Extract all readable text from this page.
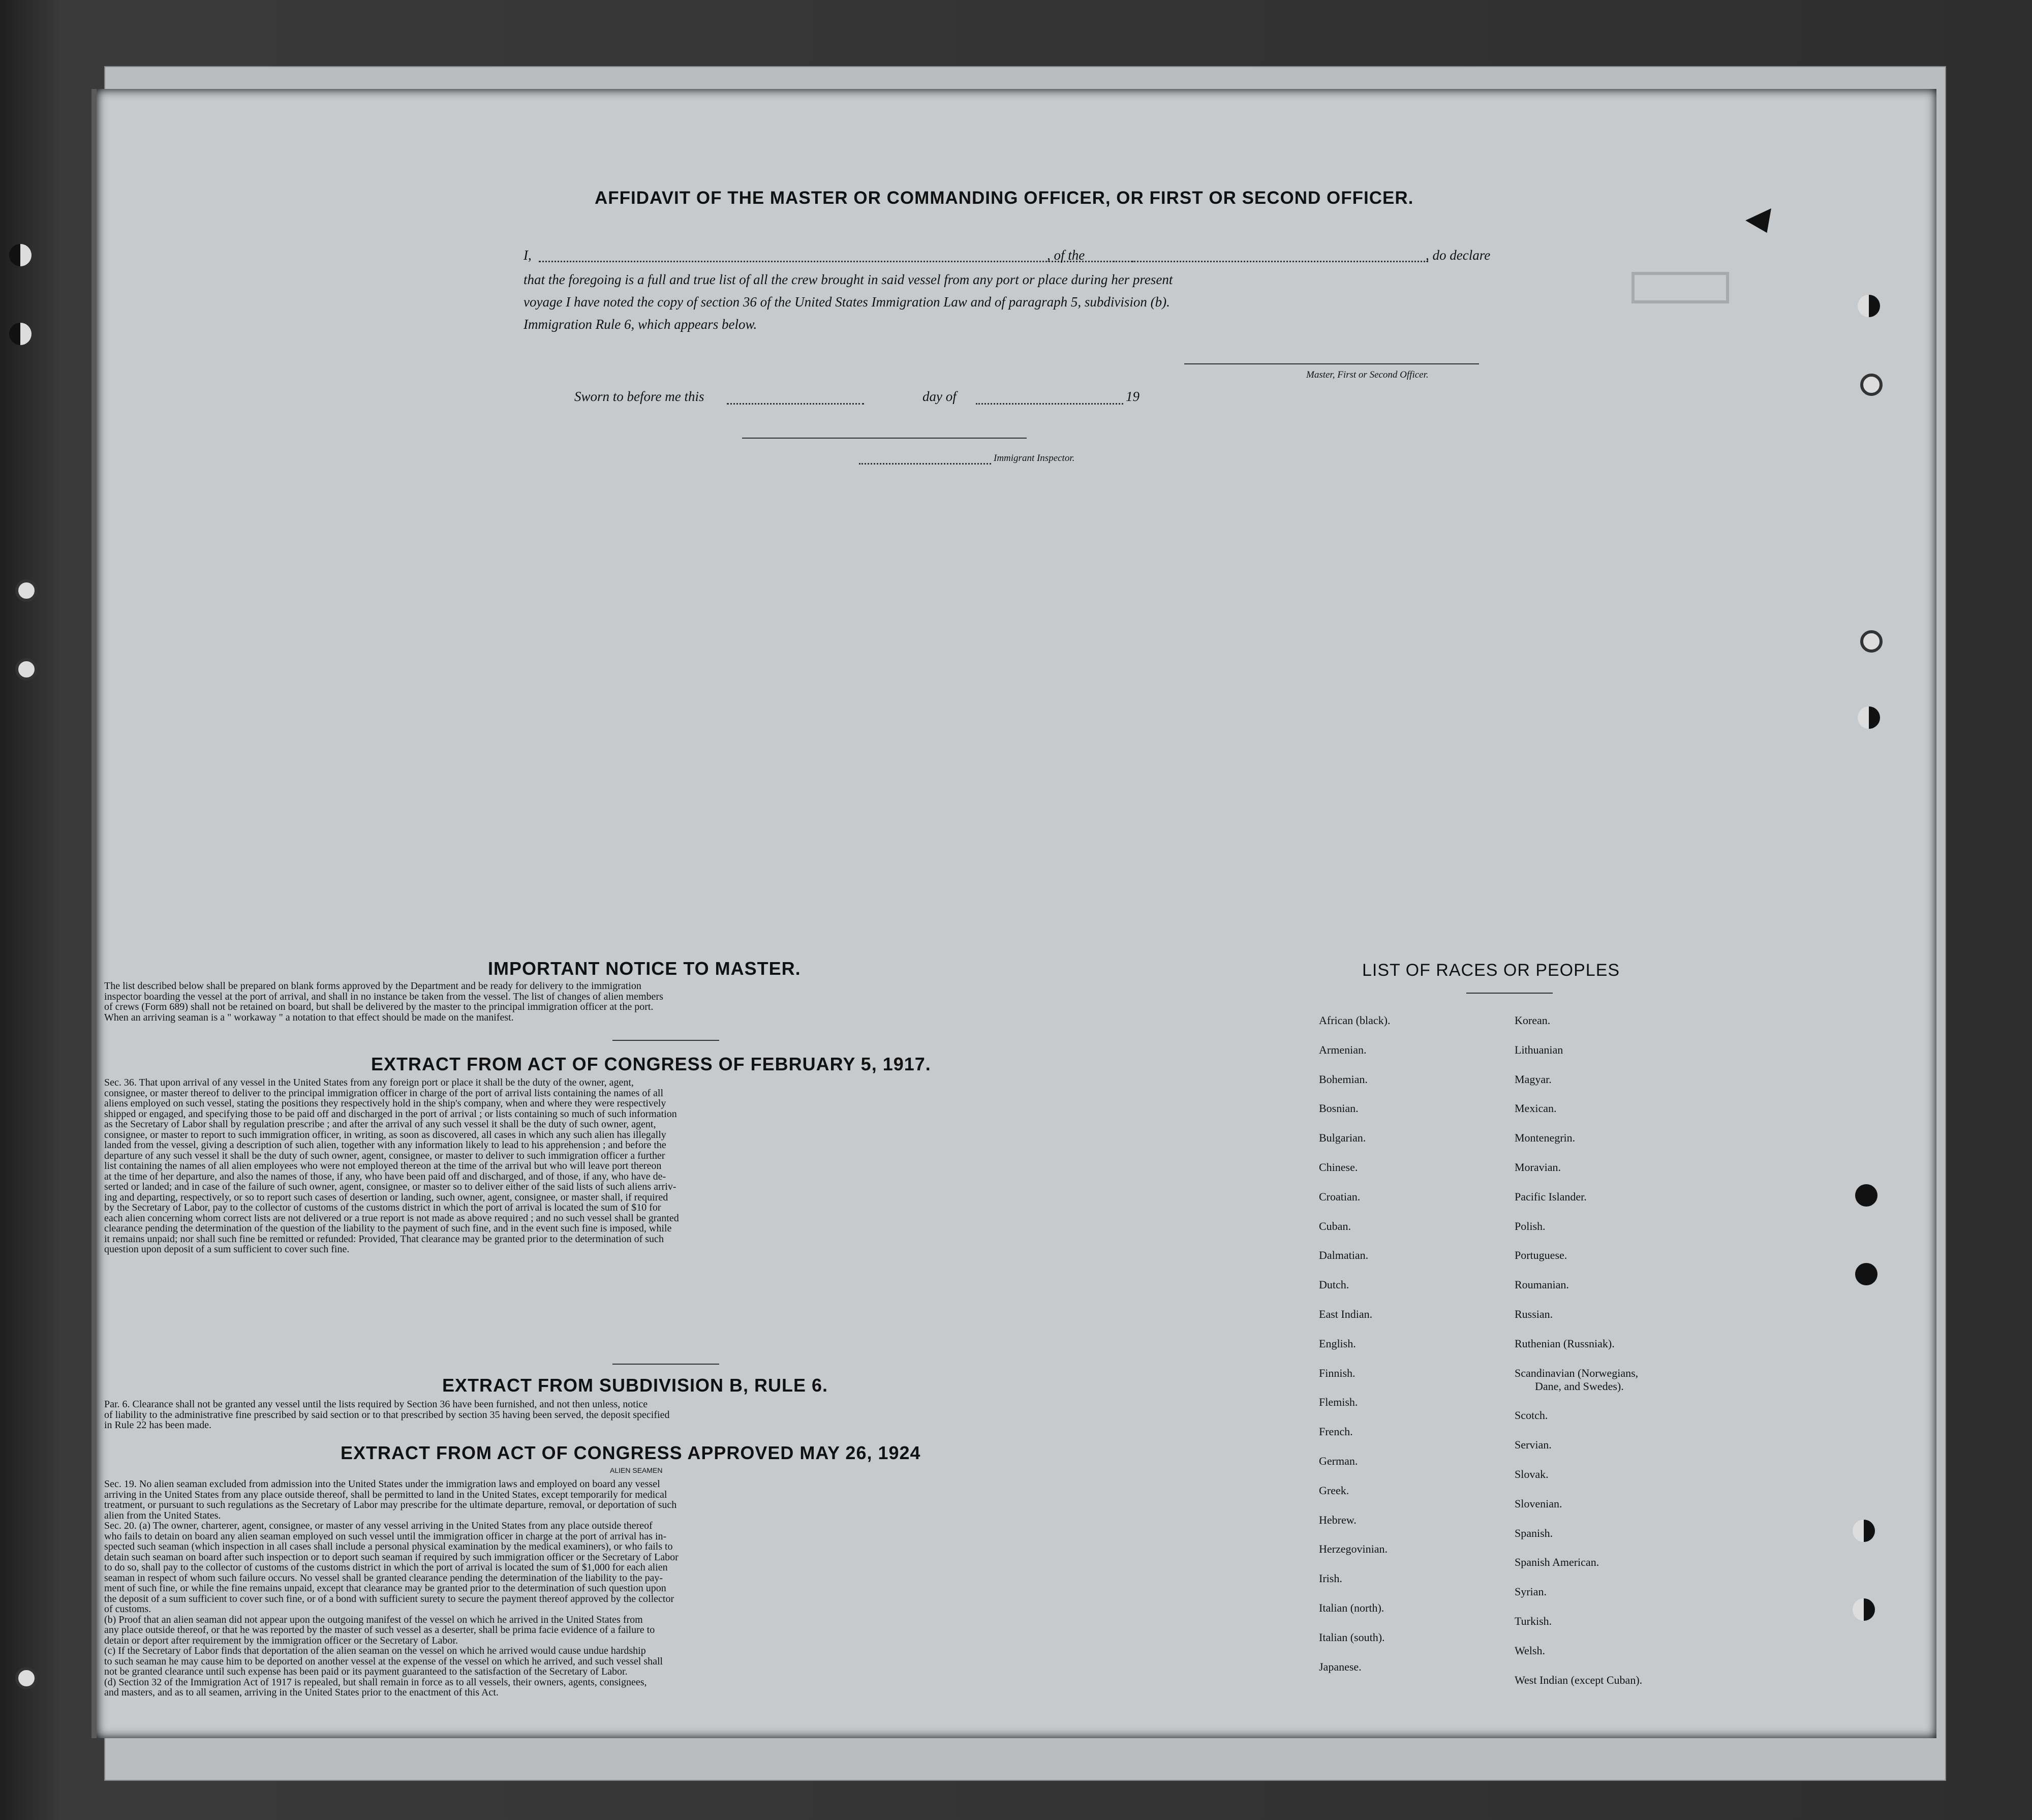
AFFIDAVIT OF THE MASTER OR COMMANDING OFFICER, OR FIRST OR SECOND OFFICER.
I,	, of the	, do declare
that the foregoing is a full and true list of all the crew brought in said vessel from any port or place during her present
voyage I have noted the copy of section 36 of the United States Immigration Law and of paragraph 5, subdivision (b).
Immigration Rule 6, which appears below.
Master, First or Second Officer.
Sworn to before me this	day of	19
Immigrant Inspector.
IMPORTANT NOTICE TO MASTER.

The list described below shall be prepared on blank forms approved by the Department and be ready for delivery to the immigration

inspector boarding the vessel at the port of arrival, and shall in no instance be taken from the vessel. The list of changes of alien members

of crews (Form 689) shall not be retained on board, but shall be delivered by the master to the principal immigration officer at the port.

When an arriving seaman is a " workaway " a notation to that effect should be made on the manifest.

EXTRACT FROM ACT OF CONGRESS OF FEBRUARY 5, 1917.

Sec. 36. That upon arrival of any vessel in the United States from any foreign port or place it shall be the duty of the owner, agent,

consignee, or master thereof to deliver to the principal immigration officer in charge of the port of arrival lists containing the names of all

aliens employed on such vessel, stating the positions they respectively hold in the ship's company, when and where they were respectively

shipped or engaged, and specifying those to be paid off and discharged in the port of arrival ; or lists containing so much of such information

as the Secretary of Labor shall by regulation prescribe ; and after the arrival of any such vessel it shall be the duty of such owner, agent,

consignee, or master to report to such immigration officer, in writing, as soon as discovered, all cases in which any such alien has illegally

landed from the vessel, giving a description of such alien, together with any information likely to lead to his apprehension ; and before the

departure of any such vessel it shall be the duty of such owner, agent, consignee, or master to deliver to such immigration officer a further

list containing the names of all alien employees who were not employed thereon at the time of the arrival but who will leave port thereon

at the time of her departure, and also the names of those, if any, who have been paid off and discharged, and of those, if any, who have de-

serted or landed; and in case of the failure of such owner, agent, consignee, or master so to deliver either of the said lists of such aliens arriv-

ing and departing, respectively, or so to report such cases of desertion or landing, such owner, agent, consignee, or master shall, if required

by the Secretary of Labor, pay to the collector of customs of the customs district in which the port of arrival is located the sum of $10 for

each alien concerning whom correct lists are not delivered or a true report is not made as above required ; and no such vessel shall be granted

clearance pending the determination of the question of the liability to the payment of such fine, and in the event such fine is imposed, while

it remains unpaid; nor shall such fine be remitted or refunded: Provided, That clearance may be granted prior to the determination of such

question upon deposit of a sum sufficient to cover such fine.

EXTRACT FROM SUBDIVISION B, RULE 6.

Par. 6. Clearance shall not be granted any vessel until the lists required by Section 36 have been furnished, and not then unless, notice

of liability to the administrative fine prescribed by said section or to that prescribed by section 35 having been served, the deposit specified

in Rule 22 has been made.

EXTRACT FROM ACT OF CONGRESS APPROVED MAY 26, 1924
ALIEN SEAMEN

Sec. 19. No alien seaman excluded from admission into the United States under the immigration laws and employed on board any vessel

arriving in the United States from any place outside thereof, shall be permitted to land in the United States, except temporarily for medical

treatment, or pursuant to such regulations as the Secretary of Labor may prescribe for the ultimate departure, removal, or deportation of such

alien from the United States.

Sec. 20. (a) The owner, charterer, agent, consignee, or master of any vessel arriving in the United States from any place outside thereof

who fails to detain on board any alien seaman employed on such vessel until the immigration officer in charge at the port of arrival has in-

spected such seaman (which inspection in all cases shall include a personal physical examination by the medical examiners), or who fails to

detain such seaman on board after such inspection or to deport such seaman if required by such immigration officer or the Secretary of Labor

to do so, shall pay to the collector of customs of the customs district in which the port of arrival is located the sum of $1,000 for each alien

seaman in respect of whom such failure occurs. No vessel shall be granted clearance pending the determination of the liability to the pay-

ment of such fine, or while the fine remains unpaid, except that clearance may be granted prior to the determination of such question upon

the deposit of a sum sufficient to cover such fine, or of a bond with sufficient surety to secure the payment thereof approved by the collector

of customs.

(b) Proof that an alien seaman did not appear upon the outgoing manifest of the vessel on which he arrived in the United States from

any place outside thereof, or that he was reported by the master of such vessel as a deserter, shall be prima facie evidence of a failure to

detain or deport after requirement by the immigration officer or the Secretary of Labor.

(c) If the Secretary of Labor finds that deportation of the alien seaman on the vessel on which he arrived would cause undue hardship

to such seaman he may cause him to be deported on another vessel at the expense of the vessel on which he arrived, and such vessel shall

not be granted clearance until such expense has been paid or its payment guaranteed to the satisfaction of the Secretary of Labor.

(d) Section 32 of the Immigration Act of 1917 is repealed, but shall remain in force as to all vessels, their owners, agents, consignees,

and masters, and as to all seamen, arriving in the United States prior to the enactment of this Act.

LIST OF RACES OR PEOPLES
African (black).
Armenian.
Bohemian.
Bosnian.
Bulgarian.
Chinese.
Croatian.
Cuban.
Dalmatian.
Dutch.
East Indian.
English.
Finnish.
Flemish.
French.
German.
Greek.
Hebrew.
Herzegovinian.
Irish.
Italian (north).
Italian (south).
Japanese.
Korean.
Lithuanian
Magyar.
Mexican.
Montenegrin.
Moravian.
Pacific Islander.
Polish.
Portuguese.
Roumanian.
Russian.
Ruthenian (Russniak).
Scandinavian (Norwegians,
Dane, and Swedes).
Scotch.
Servian.
Slovak.
Slovenian.
Spanish.
Spanish American.
Syrian.
Turkish.
Welsh.
West Indian (except Cuban).
